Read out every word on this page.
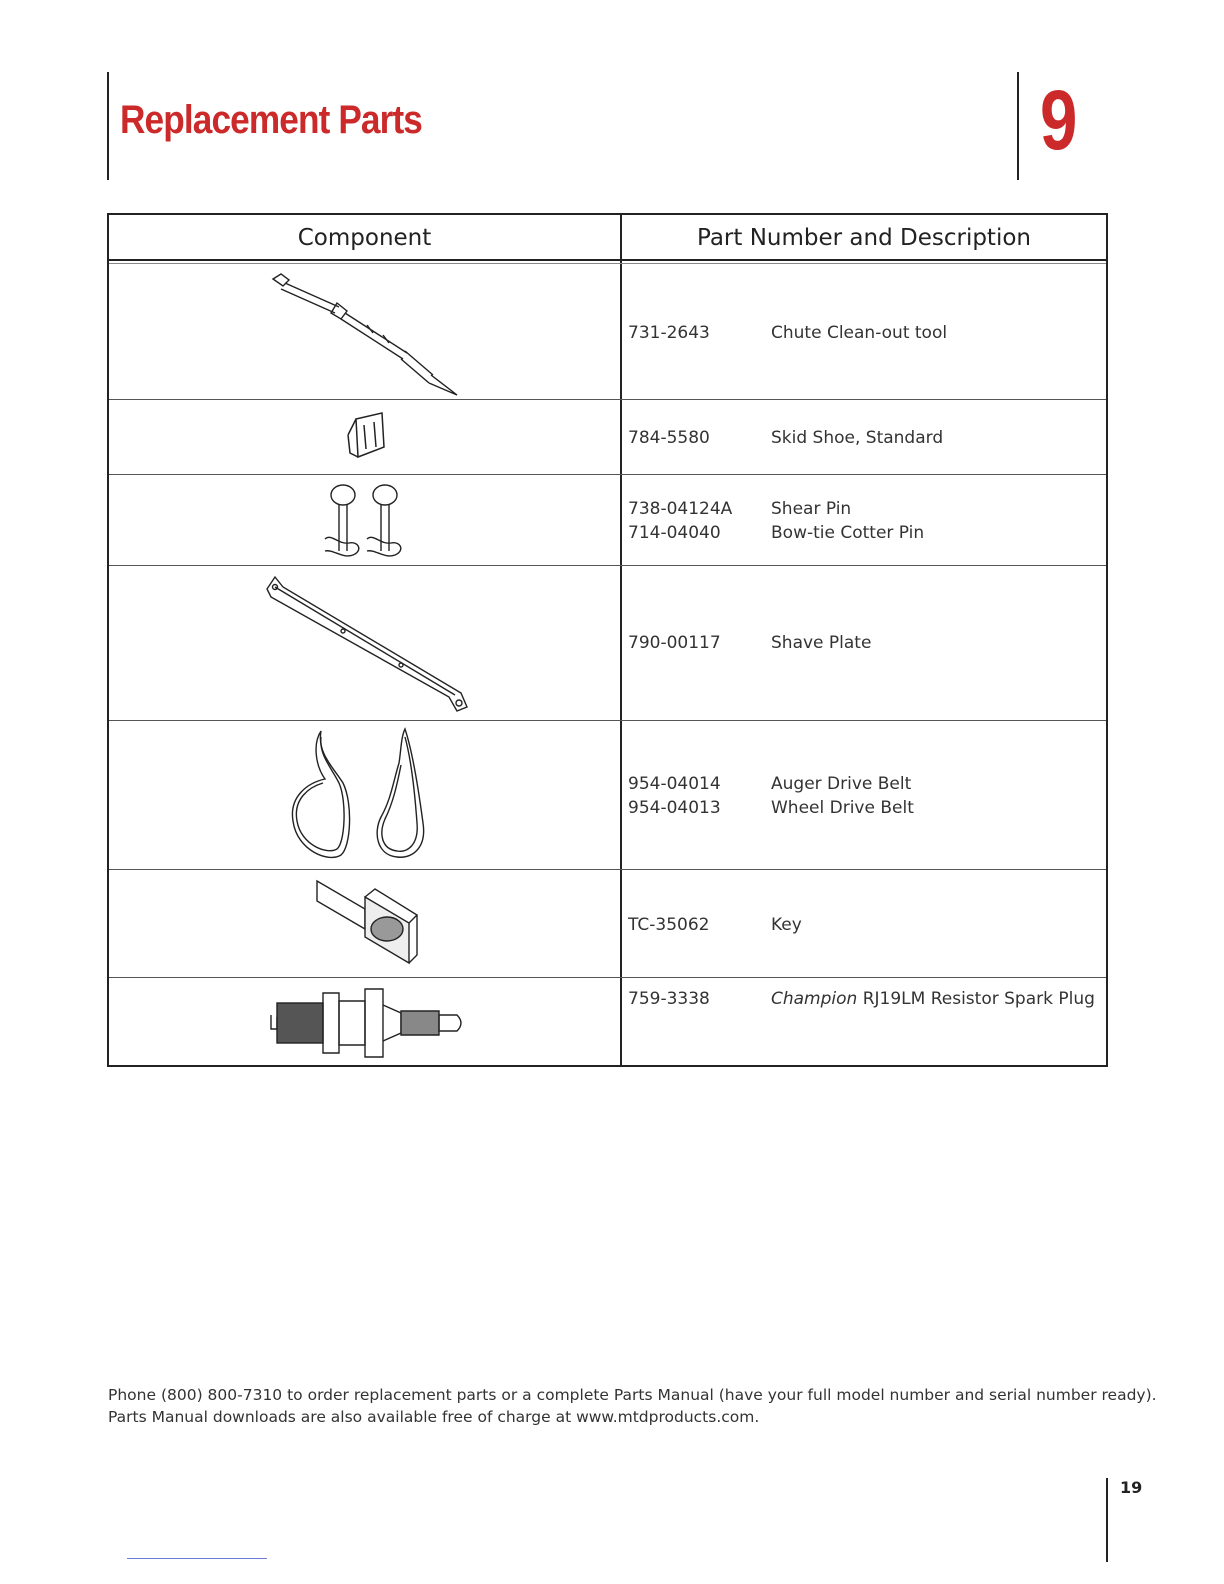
Replacement Parts	9
Component	Part Number and Description
731-2643	Chute Clean-out tool
784-5580	Skid Shoe, Standard
738-04124A Shear Pin
714-04040	Bow-tie Cotter Pin
790-00117	Shave Plate
954-04014	Auger Drive Belt
954-04013	Wheel Drive Belt
TC-35062	Key
759-3338	Champion RJ19LM Resistor Spark Plug
Phone (800) 800-7310 to order replacement parts or a complete Parts Manual (have your full model number and serial number ready).
Parts Manual downloads are also available free of charge at www.mtdproducts.com.
19
